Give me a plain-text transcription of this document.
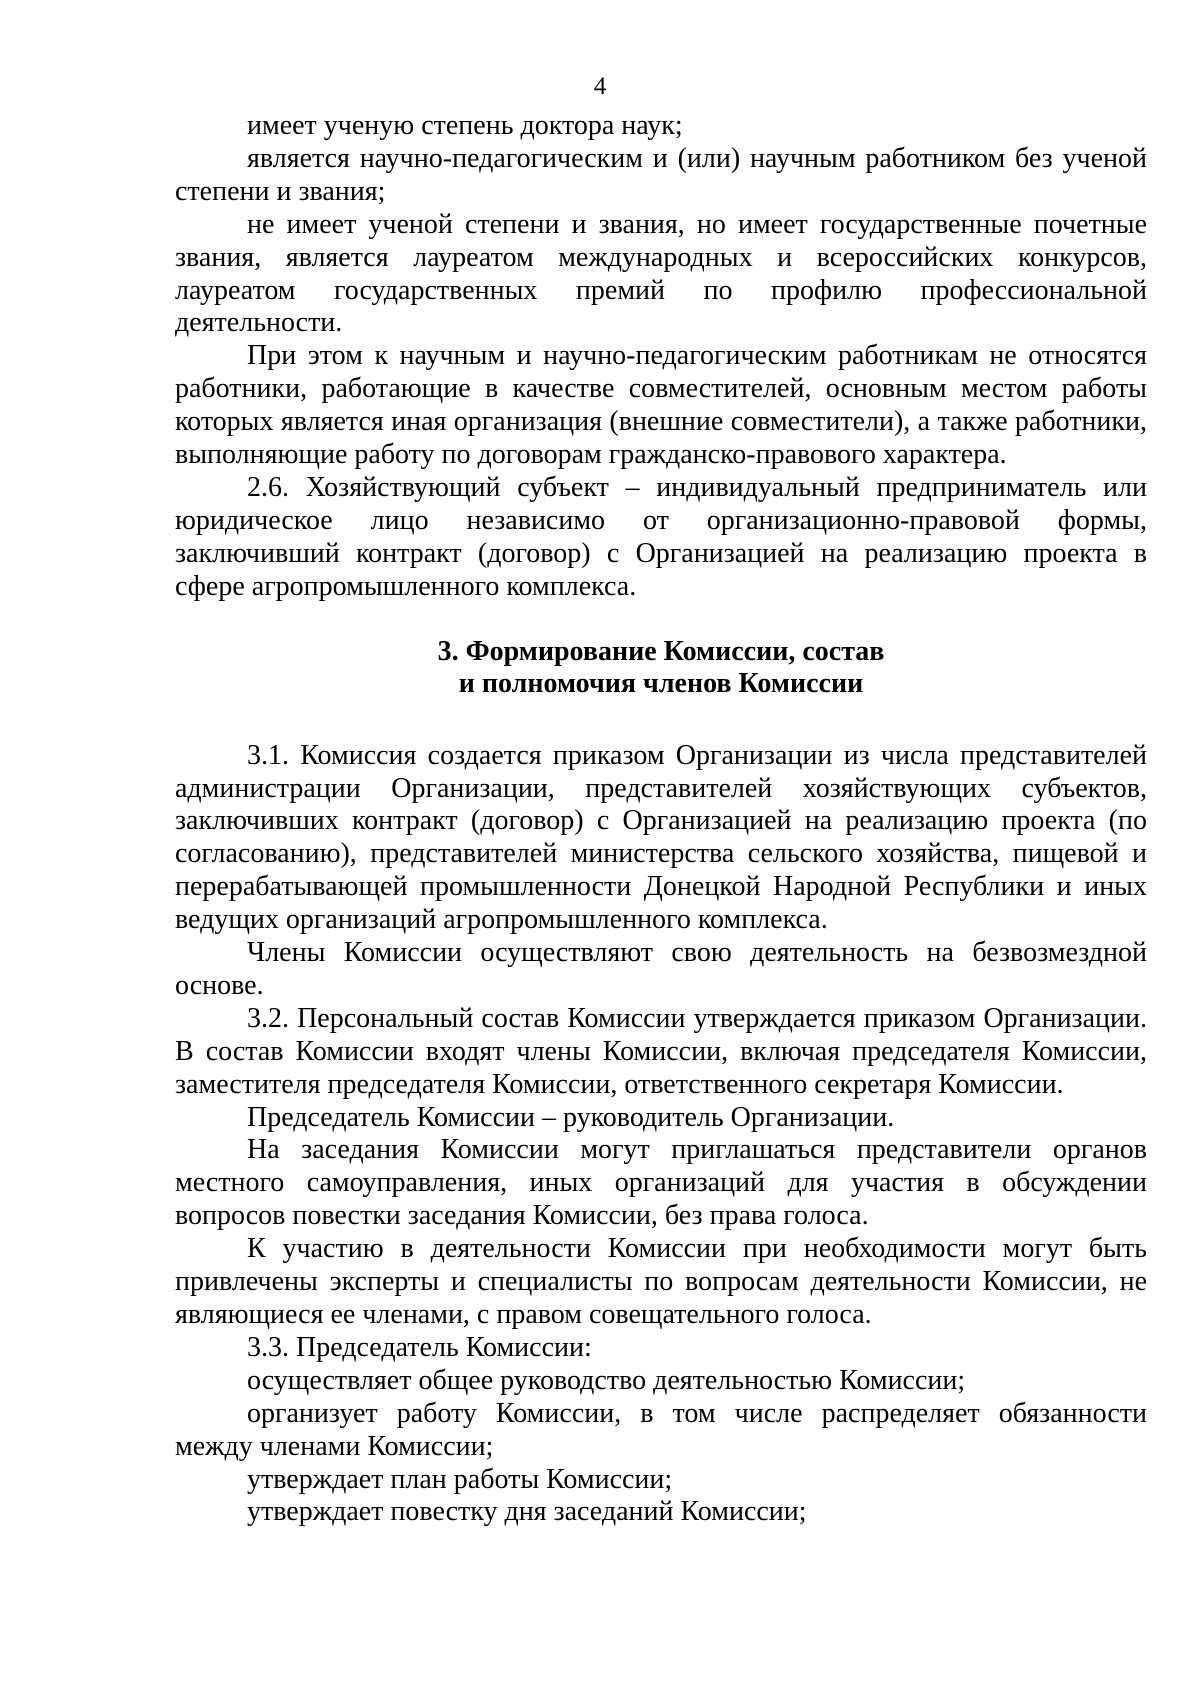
4

имеет ученую степень доктора наук;

является научно-педагогическим и (или) научным работником без ученой степени и звания;

не имеет ученой степени и звания, но имеет государственные почетные звания, является лауреатом международных и всероссийских конкурсов, лауреатом государственных премий по профилю профессиональной деятельности.

При этом к научным и научно-педагогическим работникам не относятся работники, работающие в качестве совместителей, основным местом работы которых является иная организация (внешние совместители), а также работники, выполняющие работу по договорам гражданско-правового характера.

2.6. Хозяйствующий субъект – индивидуальный предприниматель или юридическое лицо независимо от организационно-правовой формы, заключивший контракт (договор) с Организацией на реализацию проекта в сфере агропромышленного комплекса.

3. Формирование Комиссии, состав
и полномочия членов Комиссии

3.1. Комиссия создается приказом Организации из числа представителей администрации Организации, представителей хозяйствующих субъектов, заключивших контракт (договор) с Организацией на реализацию проекта (по согласованию), представителей министерства сельского хозяйства, пищевой и перерабатывающей промышленности Донецкой Народной Республики и иных ведущих организаций агропромышленного комплекса.

Члены Комиссии осуществляют свою деятельность на безвозмездной основе.

3.2. Персональный состав Комиссии утверждается приказом Организации. В состав Комиссии входят члены Комиссии, включая председателя Комиссии, заместителя председателя Комиссии, ответственного секретаря Комиссии.

Председатель Комиссии – руководитель Организации.

На заседания Комиссии могут приглашаться представители органов местного самоуправления, иных организаций для участия в обсуждении вопросов повестки заседания Комиссии, без права голоса.

К участию в деятельности Комиссии при необходимости могут быть привлечены эксперты и специалисты по вопросам деятельности Комиссии, не являющиеся ее членами, с правом совещательного голоса.

3.3. Председатель Комиссии:

осуществляет общее руководство деятельностью Комиссии;

организует работу Комиссии, в том числе распределяет обязанности между членами Комиссии;

утверждает план работы Комиссии;

утверждает повестку дня заседаний Комиссии;
